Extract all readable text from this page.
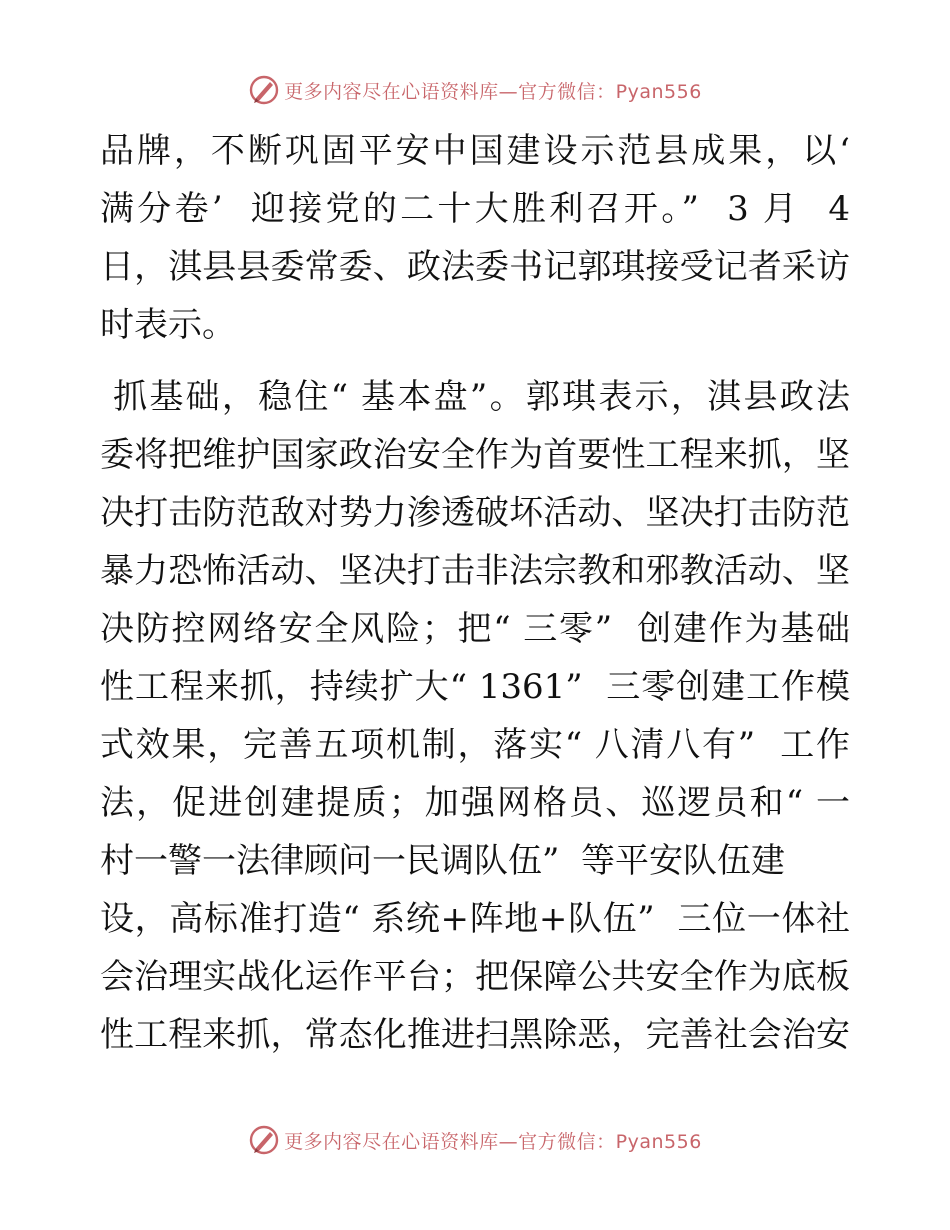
更多内容尽在心语资料库—官方微信：Pyan556
品牌，不断巩固平安中国建设示范县成果，以‘
满分卷’  迎接党的二十大胜利召开。”  3 月  4
日，淇县县委常委、政法委书记郭琪接受记者采访
时表示。
抓基础，稳住“ 基本盘”。郭琪表示，淇县政法
委将把维护国家政治安全作为首要性工程来抓，坚
决打击防范敌对势力渗透破坏活动、坚决打击防范
暴力恐怖活动、坚决打击非法宗教和邪教活动、坚
决防控网络安全风险；把“ 三零”  创建作为基础
性工程来抓，持续扩大“ 1361”  三零创建工作模
式效果，完善五项机制，落实“ 八清八有”  工作
法，促进创建提质；加强网格员、巡逻员和“ 一
村一警一法律顾问一民调队伍”  等平安队伍建
设，高标准打造“ 系统+阵地+队伍”  三位一体社
会治理实战化运作平台；把保障公共安全作为底板
性工程来抓，常态化推进扫黑除恶，完善社会治安
更多内容尽在心语资料库—官方微信：Pyan556
